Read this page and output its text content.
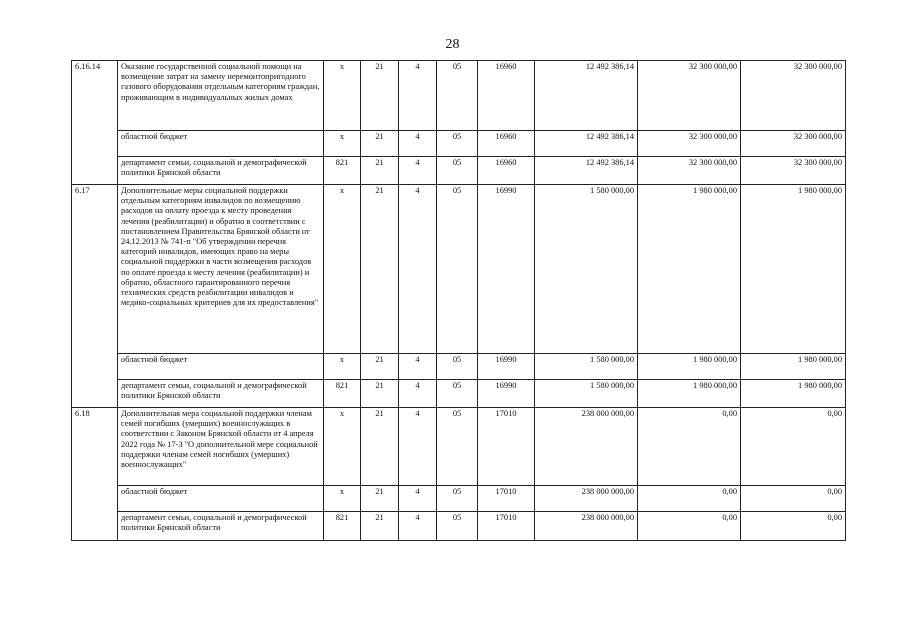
28
6.16.14	Оказание государственной социальной помощи на возмещение затрат на замену неремонтопригодного газового оборудования отдельным категориям граждан, проживающим в индивидуальных жилых домах	x	21	4	05	16960	12 492 386,14	32 300 000,00	32 300 000,00
	областной бюджет	x	21	4	05	16960	12 492 386,14	32 300 000,00	32 300 000,00
	департамент семьи, социальной и демографической политики Брянской области	821	21	4	05	16960	12 492 386,14	32 300 000,00	32 300 000,00
6.17	Дополнительные меры социальной поддержки отдельным категориям инвалидов по возмещению расходов на оплату проезда к месту проведения лечения (реабилитации) и обратно в соответствии с постановлением Правительства Брянской области от 24.12.2013 № 741-п "Об утверждении перечня категорий инвалидов, имеющих право на меры социальной поддержки в части возмещения расходов по оплате проезда к месту лечения (реабилитации) и обратно, областного гарантированного перечня технических средств реабилитации инвалидов и медико-социальных критериев для их предоставления"	x	21	4	05	16990	1 580 000,00	1 980 000,00	1 980 000,00
	областной бюджет	x	21	4	05	16990	1 580 000,00	1 980 000,00	1 980 000,00
	департамент семьи, социальной и демографической политики Брянской области	821	21	4	05	16990	1 580 000,00	1 980 000,00	1 980 000,00
6.18	Дополнительная мера социальной поддержки членам семей погибших (умерших) военнослужащих в соответствии с Законом Брянской области от 4 апреля 2022 года № 17-З "О дополнительной мере социальной поддержки членам семей погибших (умерших) военнослужащих"	x	21	4	05	17010	238 000 000,00	0,00	0,00
	областной бюджет	x	21	4	05	17010	238 000 000,00	0,00	0,00
	департамент семьи, социальной и демографической политики Брянской области	821	21	4	05	17010	238 000 000,00	0,00	0,00
